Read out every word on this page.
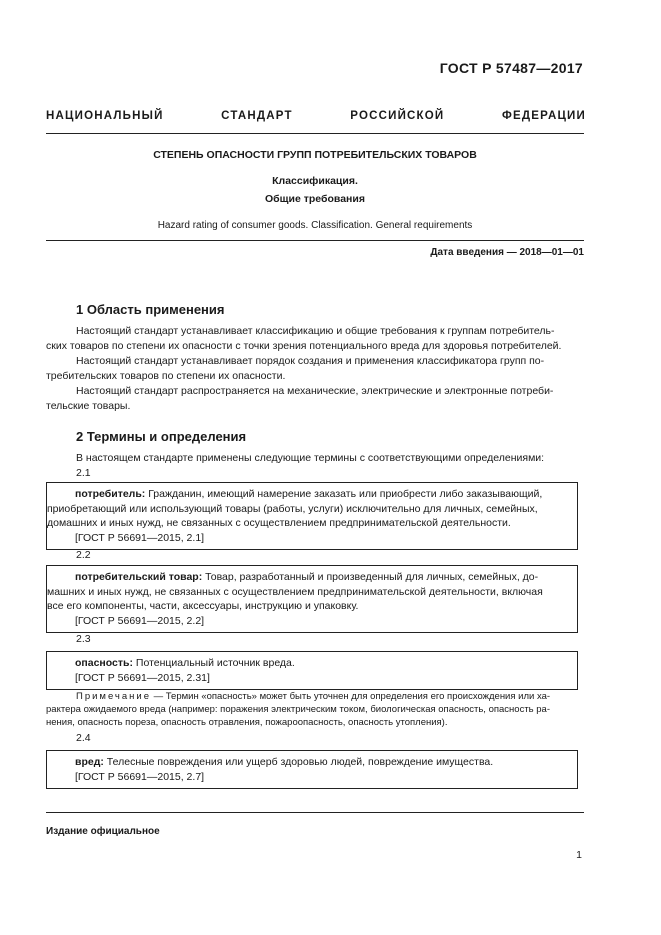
ГОСТ Р 57487—2017
НАЦИОНАЛЬНЫЙ СТАНДАРТ РОССИЙСКОЙ ФЕДЕРАЦИИ
СТЕПЕНЬ ОПАСНОСТИ ГРУПП ПОТРЕБИТЕЛЬСКИХ ТОВАРОВ
Классификация.
Общие требования
Hazard rating of consumer goods. Classification. General requirements
Дата введения — 2018—01—01
1 Область применения
Настоящий стандарт устанавливает классификацию и общие требования к группам потребитель-
ских товаров по степени их опасности с точки зрения потенциального вреда для здоровья потребителей.
Настоящий стандарт устанавливает порядок создания и применения классификатора групп по-
требительских товаров по степени их опасности.
Настоящий стандарт распространяется на механические, электрические и электронные потреби-
тельские товары.
2 Термины и определения
В настоящем стандарте применены следующие термины с соответствующими определениями:
2.1
потребитель: Гражданин, имеющий намерение заказать или приобрести либо заказывающий,
приобретающий или использующий товары (работы, услуги) исключительно для личных, семейных,
домашних и иных нужд, не связанных с осуществлением предпринимательской деятельности.
[ГОСТ Р 56691—2015, 2.1]
2.2
потребительский товар: Товар, разработанный и произведенный для личных, семейных, до-
машних и иных нужд, не связанных с осуществлением предпринимательской деятельности, включая
все его компоненты, части, аксессуары, инструкцию и упаковку.
[ГОСТ Р 56691—2015, 2.2]
2.3
опасность: Потенциальный источник вреда.
[ГОСТ Р 56691—2015, 2.31]
Примечание — Термин «опасность» может быть уточнен для определения его происхождения или ха-
рактера ожидаемого вреда (например: поражения электрическим током, биологическая опасность, опасность ра-
нения, опасность пореза, опасность отравления, пожароопасность, опасность утопления).
2.4
вред: Телесные повреждения или ущерб здоровью людей, повреждение имущества.
[ГОСТ Р 56691—2015, 2.7]
Издание официальное
1
